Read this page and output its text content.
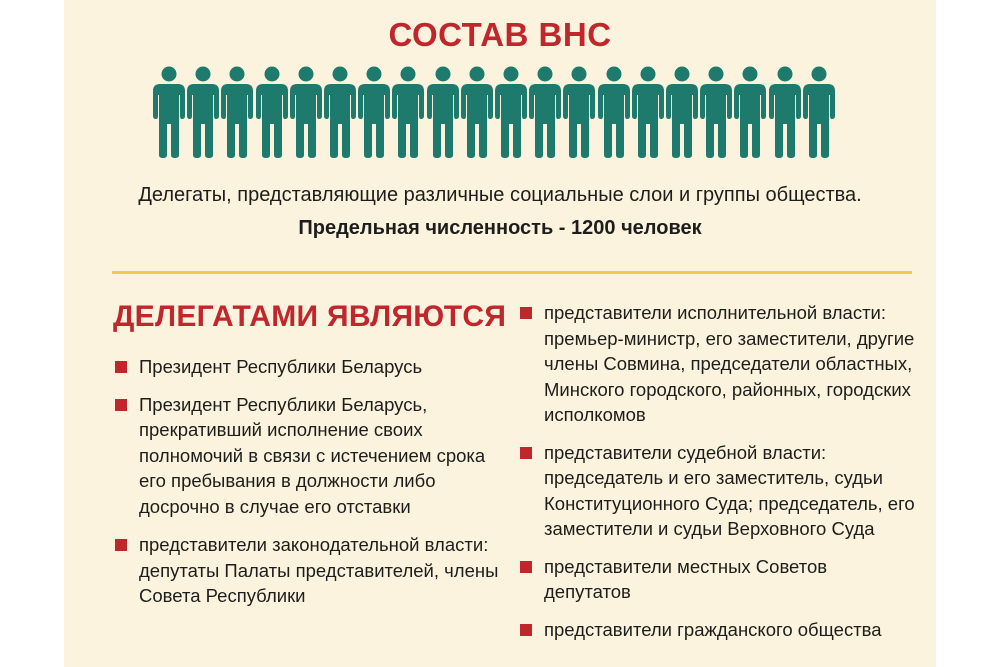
СОСТАВ ВНС
Делегаты, представляющие различные социальные слои и группы общества.
Предельная численность - 1200 человек
ДЕЛЕГАТАМИ ЯВЛЯЮТСЯ
Президент Республики Беларусь
Президент Республики Беларусь, прекративший исполнение своих полномочий в связи с истечением срока его пребывания в должности либо досрочно в случае его отставки
представители законодательной власти: депутаты Палаты представителей, члены Совета Республики
представители исполнительной власти: премьер-министр, его заместители, другие члены Совмина, председатели областных, Минского городского, районных, городских исполкомов
представители судебной власти: председатель и его заместитель, судьи Конституционного Суда; председатель, его заместители и судьи Верховного Суда
представители местных Советов депутатов
представители гражданского общества
